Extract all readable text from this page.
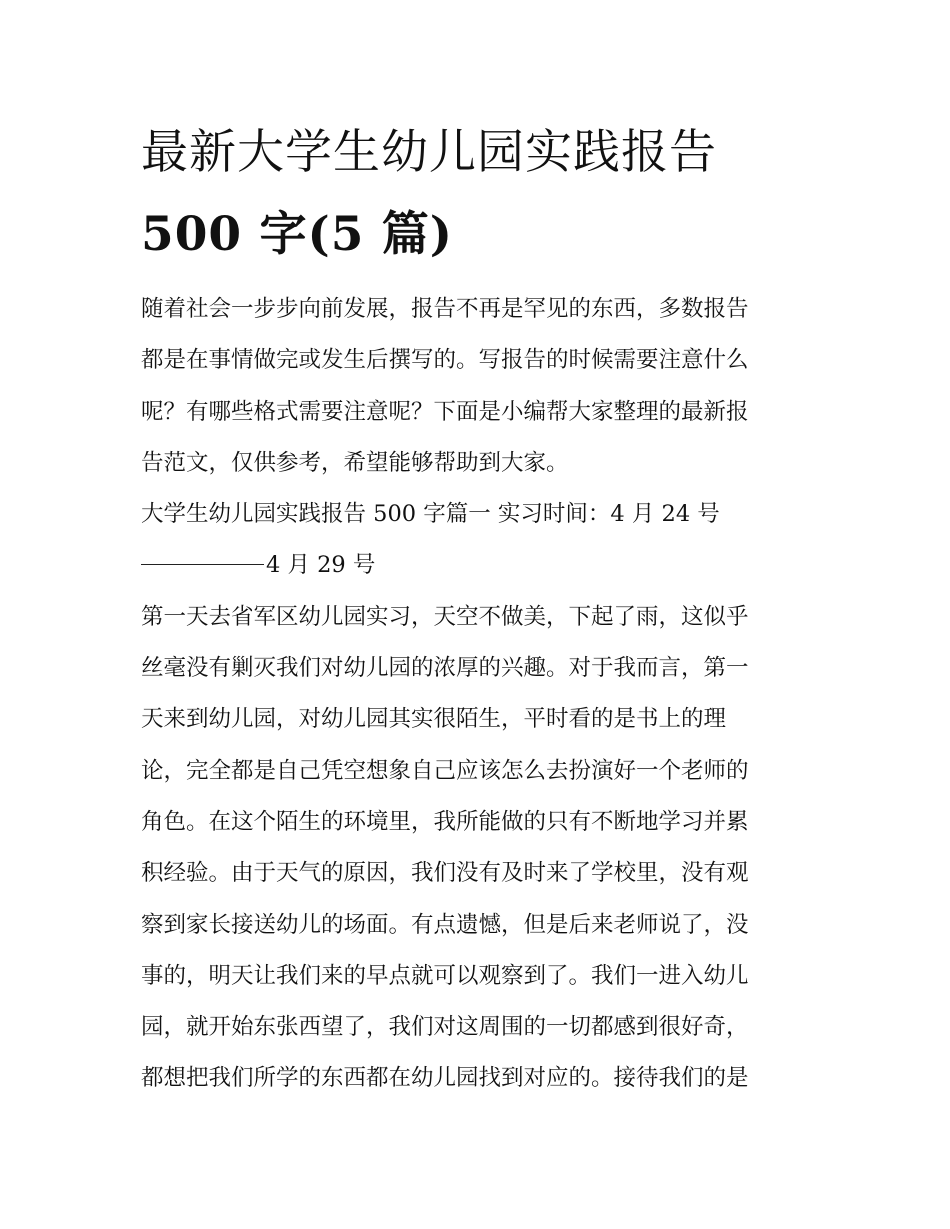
最新大学生幼儿园实践报告
500 字(5 篇)
随着社会一步步向前发展，报告不再是罕见的东西，多数报告
都是在事情做完或发生后撰写的。写报告的时候需要注意什么
呢？有哪些格式需要注意呢？下面是小编帮大家整理的最新报
告范文，仅供参考，希望能够帮助到大家。
大学生幼儿园实践报告 500 字篇一 实习时间：4 月 24 号
4 月 29 号
第一天去省军区幼儿园实习，天空不做美，下起了雨，这似乎
丝毫没有剿灭我们对幼儿园的浓厚的兴趣。对于我而言，第一
天来到幼儿园，对幼儿园其实很陌生，平时看的是书上的理
论，完全都是自己凭空想象自己应该怎么去扮演好一个老师的
角色。在这个陌生的环境里，我所能做的只有不断地学习并累
积经验。由于天气的原因，我们没有及时来了学校里，没有观
察到家长接送幼儿的场面。有点遗憾，但是后来老师说了，没
事的，明天让我们来的早点就可以观察到了。我们一进入幼儿
园，就开始东张西望了，我们对这周围的一切都感到很好奇，
都想把我们所学的东西都在幼儿园找到对应的。接待我们的是
